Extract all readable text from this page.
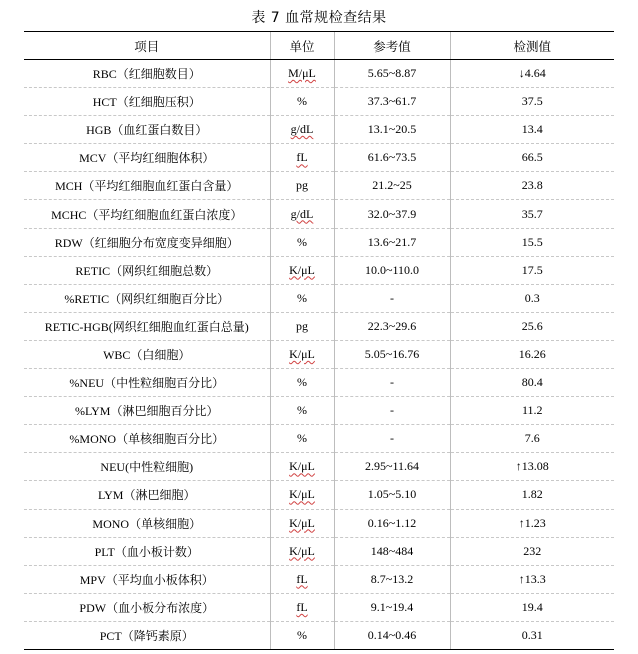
表 7 血常规检查结果
项目	单位	参考值	检测值
RBC（红细胞数目）	M/μL	5.65~8.87	↓4.64
HCT（红细胞压积）	%	37.3~61.7	37.5
HGB（血红蛋白数目）	g/dL	13.1~20.5	13.4
MCV（平均红细胞体积）	fL	61.6~73.5	66.5
MCH（平均红细胞血红蛋白含量）	pg	21.2~25	23.8
MCHC（平均红细胞血红蛋白浓度）	g/dL	32.0~37.9	35.7
RDW（红细胞分布宽度变异细胞）	%	13.6~21.7	15.5
RETIC（网织红细胞总数）	K/μL	10.0~110.0	17.5
%RETIC（网织红细胞百分比）	%	-	0.3
RETIC-HGB(网织红细胞血红蛋白总量)	pg	22.3~29.6	25.6
WBC（白细胞）	K/μL	5.05~16.76	16.26
%NEU（中性粒细胞百分比）	%	-	80.4
%LYM（淋巴细胞百分比）	%	-	11.2
%MONO（单核细胞百分比）	%	-	7.6
NEU(中性粒细胞)	K/μL	2.95~11.64	↑13.08
LYM（淋巴细胞）	K/μL	1.05~5.10	1.82
MONO（单核细胞）	K/μL	0.16~1.12	↑1.23
PLT（血小板计数）	K/μL	148~484	232
MPV（平均血小板体积）	fL	8.7~13.2	↑13.3
PDW（血小板分布浓度）	fL	9.1~19.4	19.4
PCT（降钙素原）	%	0.14~0.46	0.31
